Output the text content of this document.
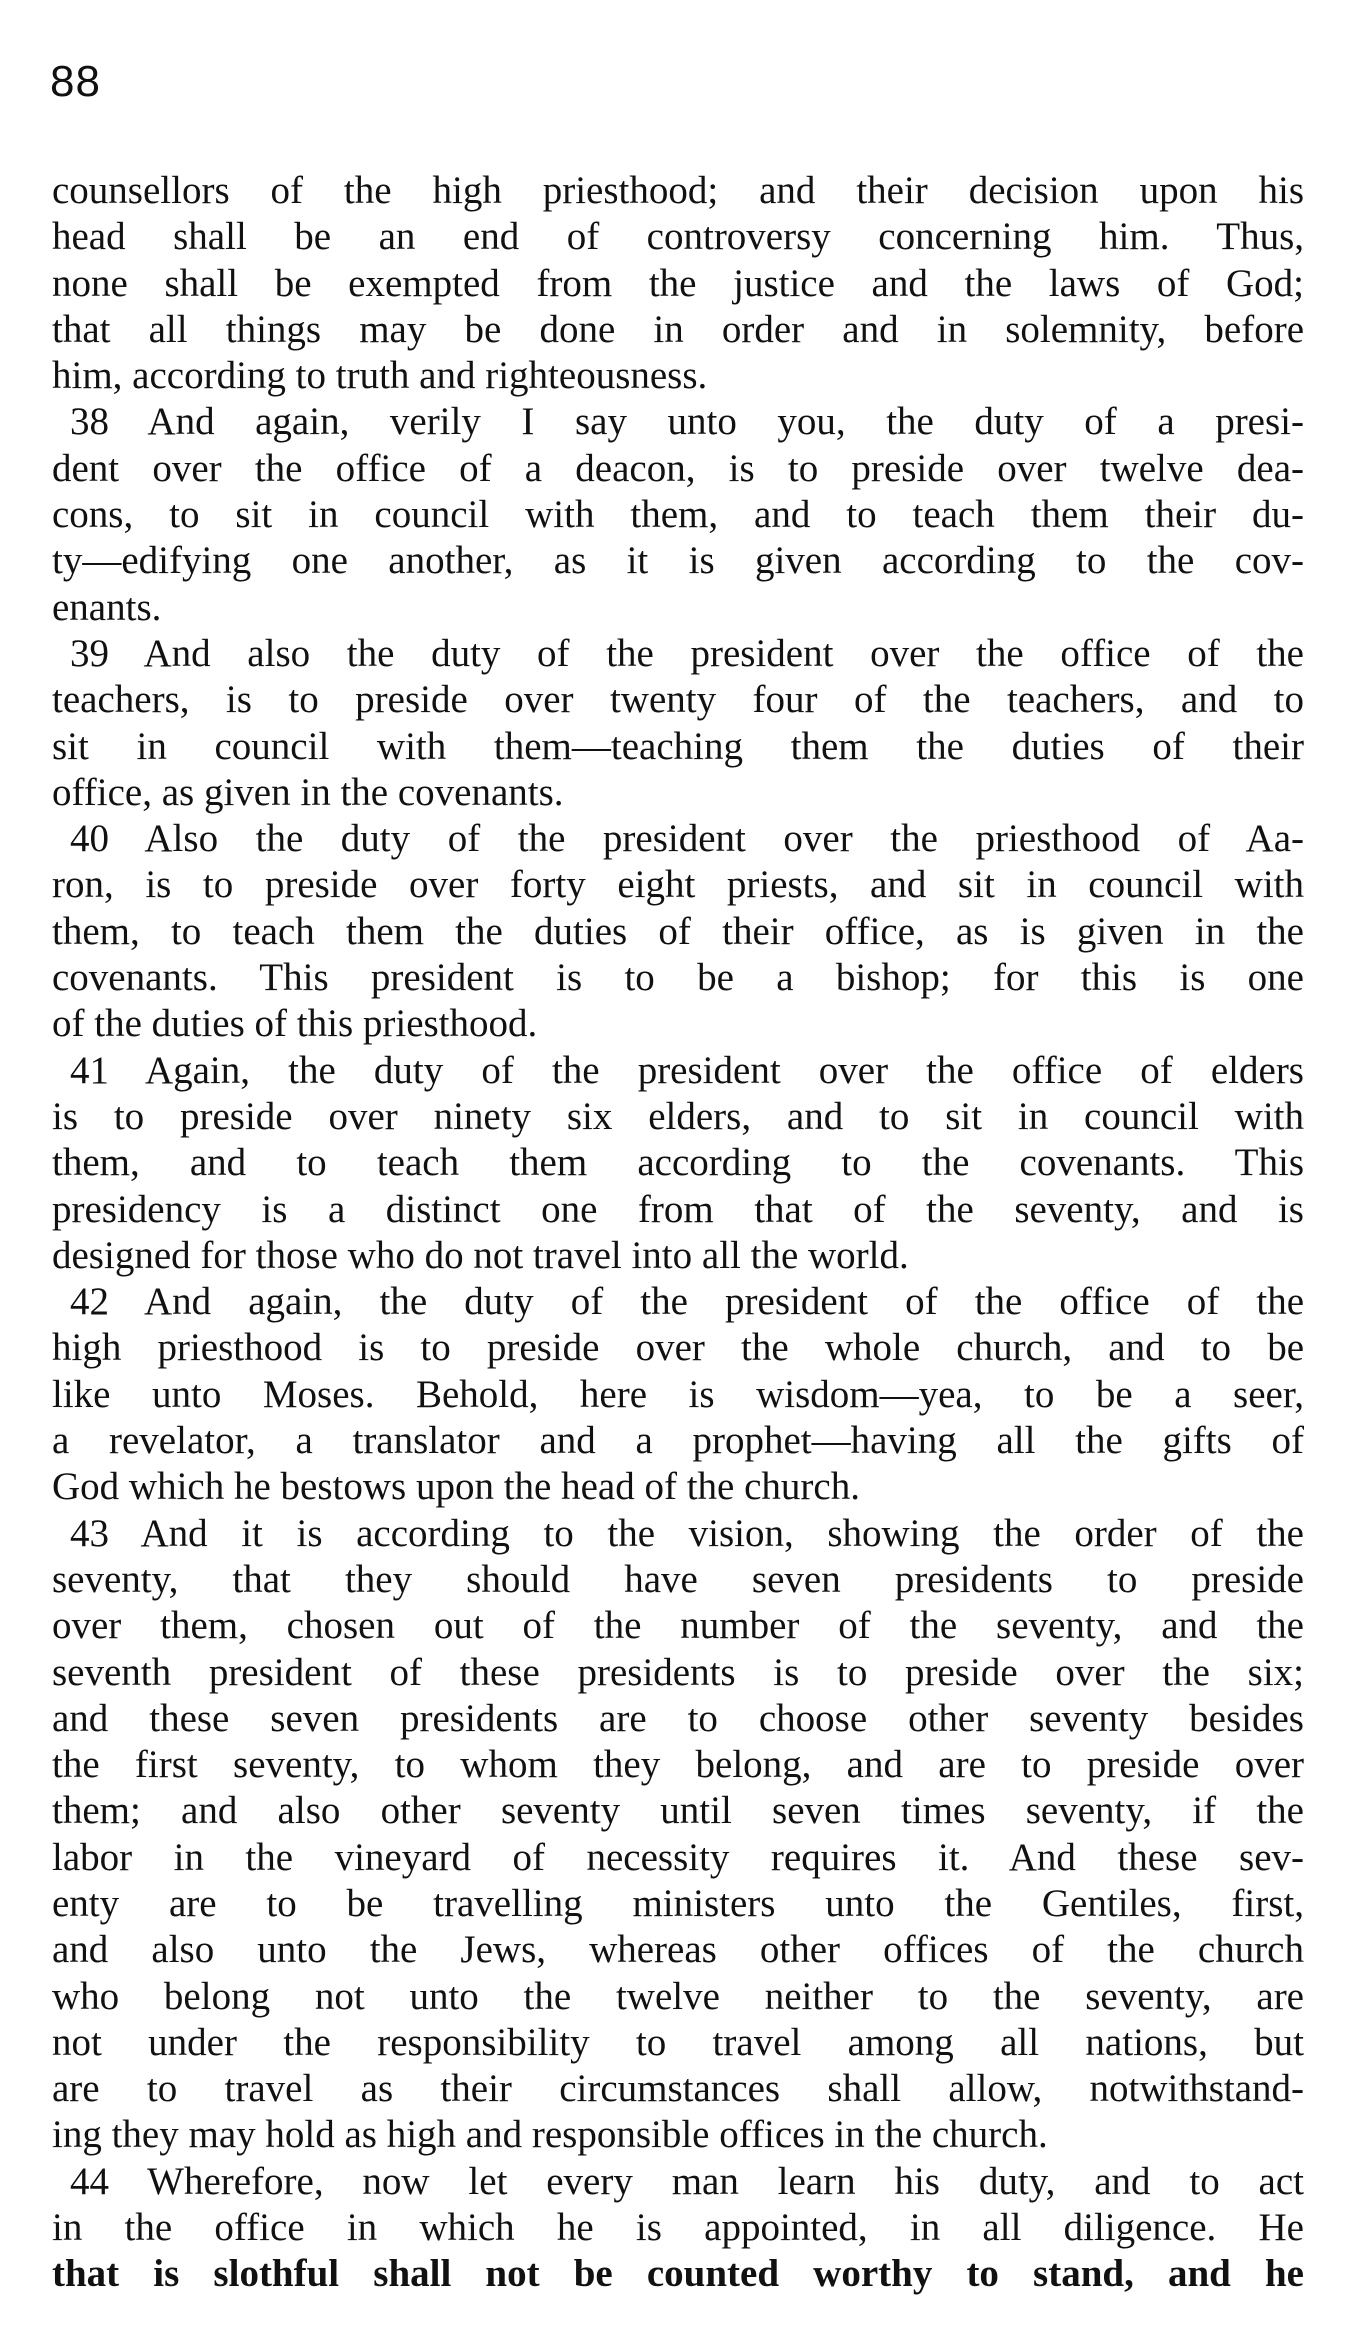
88

counsellors of the high priesthood; and their decision upon his
head shall be an end of controversy concerning him. Thus,
none shall be exempted from the justice and the laws of God;
that all things may be done in order and in solemnity, before
him, according to truth and righteousness.
38 And again, verily I say unto you, the duty of a presi-
dent over the office of a deacon, is to preside over twelve dea-
cons, to sit in council with them, and to teach them their du-
ty—edifying one another, as it is given according to the cov-
enants.
39 And also the duty of the president over the office of the
teachers, is to preside over twenty four of the teachers, and to
sit in council with them—teaching them the duties of their
office, as given in the covenants.
40 Also the duty of the president over the priesthood of Aa-
ron, is to preside over forty eight priests, and sit in council with
them, to teach them the duties of their office, as is given in the
covenants. This president is to be a bishop; for this is one
of the duties of this priesthood.
41 Again, the duty of the president over the office of elders
is to preside over ninety six elders, and to sit in council with
them, and to teach them according to the covenants. This
presidency is a distinct one from that of the seventy, and is
designed for those who do not travel into all the world.
42 And again, the duty of the president of the office of the
high priesthood is to preside over the whole church, and to be
like unto Moses. Behold, here is wisdom—yea, to be a seer,
a revelator, a translator and a prophet—having all the gifts of
God which he bestows upon the head of the church.
43 And it is according to the vision, showing the order of the
seventy, that they should have seven presidents to preside
over them, chosen out of the number of the seventy, and the
seventh president of these presidents is to preside over the six;
and these seven presidents are to choose other seventy besides
the first seventy, to whom they belong, and are to preside over
them; and also other seventy until seven times seventy, if the
labor in the vineyard of necessity requires it. And these sev-
enty are to be travelling ministers unto the Gentiles, first,
and also unto the Jews, whereas other offices of the church
who belong not unto the twelve neither to the seventy, are
not under the responsibility to travel among all nations, but
are to travel as their circumstances shall allow, notwithstand-
ing they may hold as high and responsible offices in the church.
44 Wherefore, now let every man learn his duty, and to act
in the office in which he is appointed, in all diligence. He
that is slothful shall not be counted worthy to stand, and he
